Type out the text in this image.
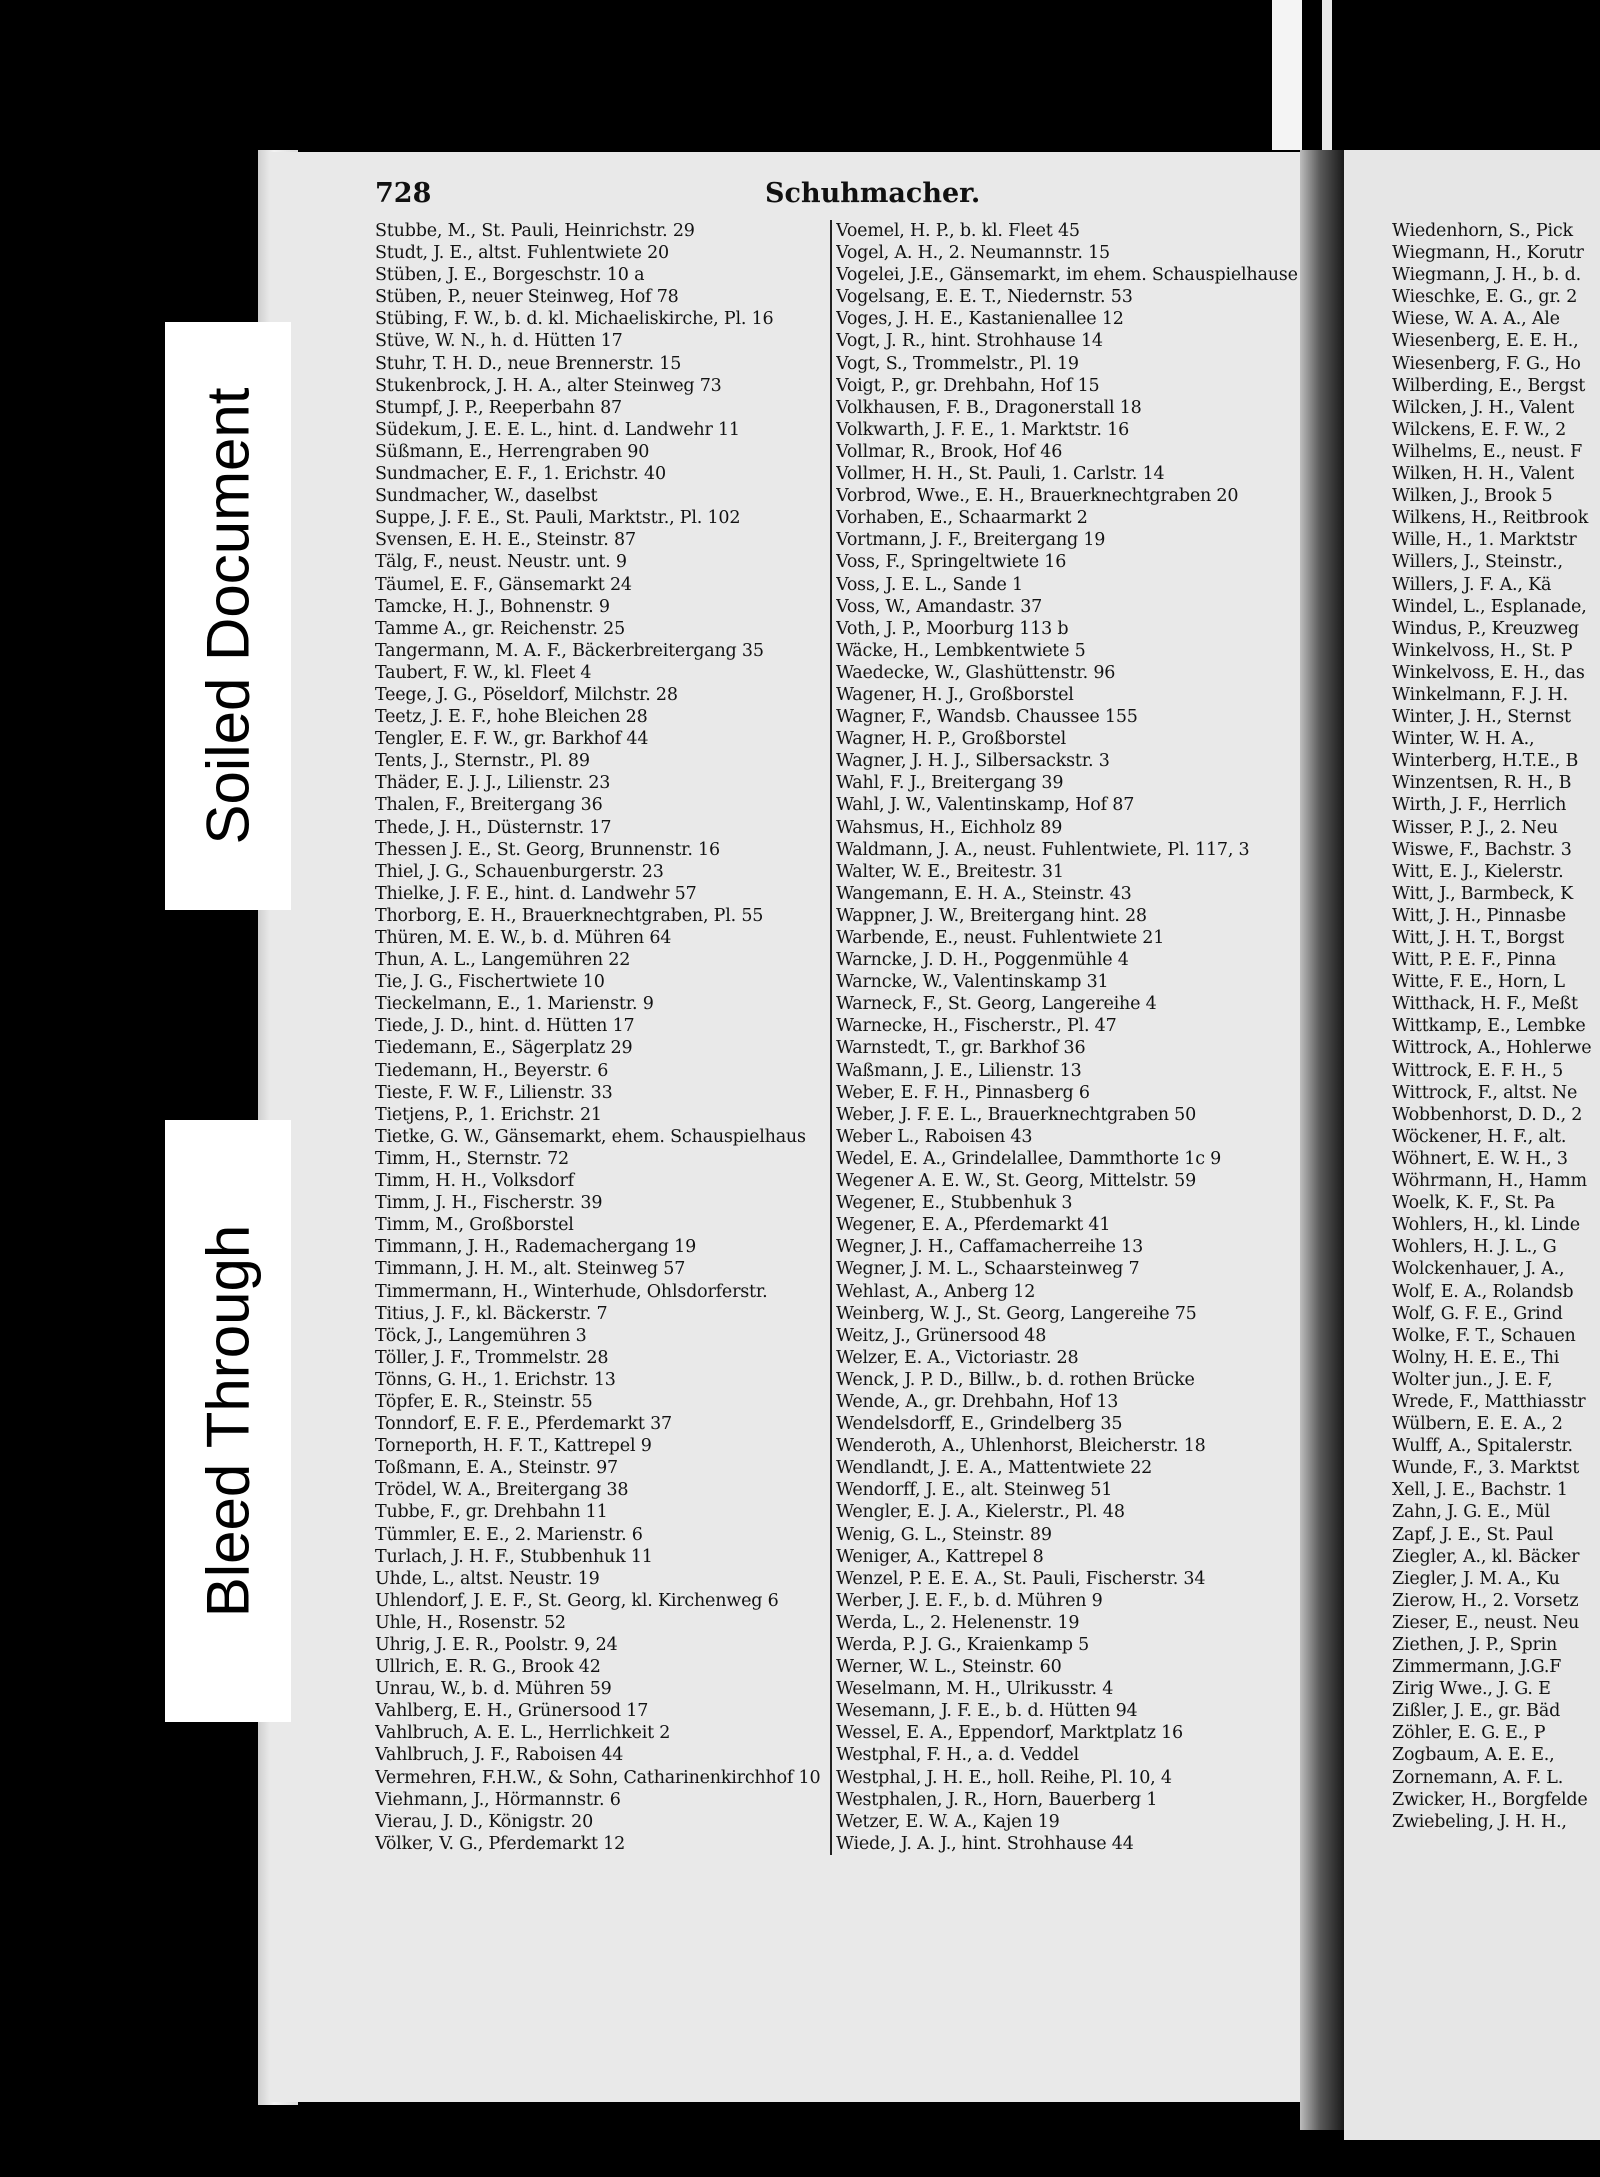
728	Schuhmacher.
Stubbe, M., St. Pauli, Heinrichstr. 29
Studt, J. E., altst. Fuhlentwiete 20
Stüben, J. E., Borgeschstr. 10 a
Stüben, P., neuer Steinweg, Hof 78
Stübing, F. W., b. d. kl. Michaeliskirche, Pl. 16
Stüve, W. N., h. d. Hütten 17
Stuhr, T. H. D., neue Brennerstr. 15
Stukenbrock, J. H. A., alter Steinweg 73
Stumpf, J. P., Reeperbahn 87
Südekum, J. E. E. L., hint. d. Landwehr 11
Süßmann, E., Herrengraben 90
Sundmacher, E. F., 1. Erichstr. 40
Sundmacher, W., daselbst
Suppe, J. F. E., St. Pauli, Marktstr., Pl. 102
Svensen, E. H. E., Steinstr. 87
Tälg, F., neust. Neustr. unt. 9
Täumel, E. F., Gänsemarkt 24
Tamcke, H. J., Bohnenstr. 9
Tamme A., gr. Reichenstr. 25
Tangermann, M. A. F., Bäckerbreitergang 35
Taubert, F. W., kl. Fleet 4
Teege, J. G., Pöseldorf, Milchstr. 28
Teetz, J. E. F., hohe Bleichen 28
Tengler, E. F. W., gr. Barkhof 44
Tents, J., Sternstr., Pl. 89
Thäder, E. J. J., Lilienstr. 23
Thalen, F., Breitergang 36
Thede, J. H., Düsternstr. 17
Thessen J. E., St. Georg, Brunnenstr. 16
Thiel, J. G., Schauenburgerstr. 23
Thielke, J. F. E., hint. d. Landwehr 57
Thorborg, E. H., Brauerknechtgraben, Pl. 55
Thüren, M. E. W., b. d. Mühren 64
Thun, A. L., Langemühren 22
Tie, J. G., Fischertwiete 10
Tieckelmann, E., 1. Marienstr. 9
Tiede, J. D., hint. d. Hütten 17
Tiedemann, E., Sägerplatz 29
Tiedemann, H., Beyerstr. 6
Tieste, F. W. F., Lilienstr. 33
Tietjens, P., 1. Erichstr. 21
Tietke, G. W., Gänsemarkt, ehem. Schauspielhaus
Timm, H., Sternstr. 72
Timm, H. H., Volksdorf
Timm, J. H., Fischerstr. 39
Timm, M., Großborstel
Timmann, J. H., Rademachergang 19
Timmann, J. H. M., alt. Steinweg 57
Timmermann, H., Winterhude, Ohlsdorferstr.
Titius, J. F., kl. Bäckerstr. 7
Töck, J., Langemühren 3
Töller, J. F., Trommelstr. 28
Tönns, G. H., 1. Erichstr. 13
Töpfer, E. R., Steinstr. 55
Tonndorf, E. F. E., Pferdemarkt 37
Torneporth, H. F. T., Kattrepel 9
Toßmann, E. A., Steinstr. 97
Trödel, W. A., Breitergang 38
Tubbe, F., gr. Drehbahn 11
Tümmler, E. E., 2. Marienstr. 6
Turlach, J. H. F., Stubbenhuk 11
Uhde, L., altst. Neustr. 19
Uhlendorf, J. E. F., St. Georg, kl. Kirchenweg 6
Uhle, H., Rosenstr. 52
Uhrig, J. E. R., Poolstr. 9, 24
Ullrich, E. R. G., Brook 42
Unrau, W., b. d. Mühren 59
Vahlberg, E. H., Grünersood 17
Vahlbruch, A. E. L., Herrlichkeit 2
Vahlbruch, J. F., Raboisen 44
Vermehren, F.H.W., & Sohn, Catharinenkirchhof 10
Viehmann, J., Hörmannstr. 6
Vierau, J. D., Königstr. 20
Völker, V. G., Pferdemarkt 12
Voemel, H. P., b. kl. Fleet 45
Vogel, A. H., 2. Neumannstr. 15
Vogelei, J.E., Gänsemarkt, im ehem. Schauspielhause
Vogelsang, E. E. T., Niedernstr. 53
Voges, J. H. E., Kastanienallee 12
Vogt, J. R., hint. Strohhause 14
Vogt, S., Trommelstr., Pl. 19
Voigt, P., gr. Drehbahn, Hof 15
Volkhausen, F. B., Dragonerstall 18
Volkwarth, J. F. E., 1. Marktstr. 16
Vollmar, R., Brook, Hof 46
Vollmer, H. H., St. Pauli, 1. Carlstr. 14
Vorbrod, Wwe., E. H., Brauerknechtgraben 20
Vorhaben, E., Schaarmarkt 2
Vortmann, J. F., Breitergang 19
Voss, F., Springeltwiete 16
Voss, J. E. L., Sande 1
Voss, W., Amandastr. 37
Voth, J. P., Moorburg 113 b
Wäcke, H., Lembkentwiete 5
Waedecke, W., Glashüttenstr. 96
Wagener, H. J., Großborstel
Wagner, F., Wandsb. Chaussee 155
Wagner, H. P., Großborstel
Wagner, J. H. J., Silbersackstr. 3
Wahl, F. J., Breitergang 39
Wahl, J. W., Valentinskamp, Hof 87
Wahsmus, H., Eichholz 89
Waldmann, J. A., neust. Fuhlentwiete, Pl. 117, 3
Walter, W. E., Breitestr. 31
Wangemann, E. H. A., Steinstr. 43
Wappner, J. W., Breitergang hint. 28
Warbende, E., neust. Fuhlentwiete 21
Warncke, J. D. H., Poggenmühle 4
Warncke, W., Valentinskamp 31
Warneck, F., St. Georg, Langereihe 4
Warnecke, H., Fischerstr., Pl. 47
Warnstedt, T., gr. Barkhof 36
Waßmann, J. E., Lilienstr. 13
Weber, E. F. H., Pinnasberg 6
Weber, J. F. E. L., Brauerknechtgraben 50
Weber L., Raboisen 43
Wedel, E. A., Grindelallee, Dammthorte 1c 9
Wegener A. E. W., St. Georg, Mittelstr. 59
Wegener, E., Stubbenhuk 3
Wegener, E. A., Pferdemarkt 41
Wegner, J. H., Caffamacherreihe 13
Wegner, J. M. L., Schaarsteinweg 7
Wehlast, A., Anberg 12
Weinberg, W. J., St. Georg, Langereihe 75
Weitz, J., Grünersood 48
Welzer, E. A., Victoriastr. 28
Wenck, J. P. D., Billw., b. d. rothen Brücke
Wende, A., gr. Drehbahn, Hof 13
Wendelsdorff, E., Grindelberg 35
Wenderoth, A., Uhlenhorst, Bleicherstr. 18
Wendlandt, J. E. A., Mattentwiete 22
Wendorff, J. E., alt. Steinweg 51
Wengler, E. J. A., Kielerstr., Pl. 48
Wenig, G. L., Steinstr. 89
Weniger, A., Kattrepel 8
Wenzel, P. E. E. A., St. Pauli, Fischerstr. 34
Werber, J. E. F., b. d. Mühren 9
Werda, L., 2. Helenenstr. 19
Werda, P. J. G., Kraienkamp 5
Werner, W. L., Steinstr. 60
Weselmann, M. H., Ulrikusstr. 4
Wesemann, J. F. E., b. d. Hütten 94
Wessel, E. A., Eppendorf, Marktplatz 16
Westphal, F. H., a. d. Veddel
Westphal, J. H. E., holl. Reihe, Pl. 10, 4
Westphalen, J. R., Horn, Bauerberg 1
Wetzer, E. W. A., Kajen 19
Wiede, J. A. J., hint. Strohhause 44
Wiedenhorn, S., Pick
Wiegmann, H., Korutr
Wiegmann, J. H., b. d.
Wieschke, E. G., gr. 2
Wiese, W. A. A., Ale
Wiesenberg, E. E. H.,
Wiesenberg, F. G., Ho
Wilberding, E., Bergst
Wilcken, J. H., Valent
Wilckens, E. F. W., 2
Wilhelms, E., neust. F
Wilken, H. H., Valent
Wilken, J., Brook 5
Wilkens, H., Reitbrook
Wille, H., 1. Marktstr
Willers, J., Steinstr.,
Willers, J. F. A., Kä
Windel, L., Esplanade,
Windus, P., Kreuzweg
Winkelvoss, H., St. P
Winkelvoss, E. H., das
Winkelmann, F. J. H.
Winter, J. H., Sternst
Winter, W. H. A.,
Winterberg, H.T.E., B
Winzentsen, R. H., B
Wirth, J. F., Herrlich
Wisser, P. J., 2. Neu
Wiswe, F., Bachstr. 3
Witt, E. J., Kielerstr.
Witt, J., Barmbeck, K
Witt, J. H., Pinnasbe
Witt, J. H. T., Borgst
Witt, P. E. F., Pinna
Witte, F. E., Horn, L
Witthack, H. F., Meßt
Wittkamp, E., Lembke
Wittrock, A., Hohlerwe
Wittrock, E. F. H., 5
Wittrock, F., altst. Ne
Wobbenhorst, D. D., 2
Wöckener, H. F., alt.
Wöhnert, E. W. H., 3
Wöhrmann, H., Hamm
Woelk, K. F., St. Pa
Wohlers, H., kl. Linde
Wohlers, H. J. L., G
Wolckenhauer, J. A.,
Wolf, E. A., Rolandsb
Wolf, G. F. E., Grind
Wolke, F. T., Schauen
Wolny, H. E. E., Thi
Wolter jun., J. E. F,
Wrede, F., Matthiasstr
Wülbern, E. E. A., 2
Wulff, A., Spitalerstr.
Wunde, F., 3. Marktst
Xell, J. E., Bachstr. 1
Zahn, J. G. E., Mül
Zapf, J. E., St. Paul
Ziegler, A., kl. Bäcker
Ziegler, J. M. A., Ku
Zierow, H., 2. Vorsetz
Zieser, E., neust. Neu
Ziethen, J. P., Sprin
Zimmermann, J.G.F
Zirig Wwe., J. G. E
Zißler, J. E., gr. Bäd
Zöhler, E. G. E., P
Zogbaum, A. E. E.,
Zornemann, A. F. L.
Zwicker, H., Borgfelde
Zwiebeling, J. H. H.,
Soiled Document
Bleed Through
